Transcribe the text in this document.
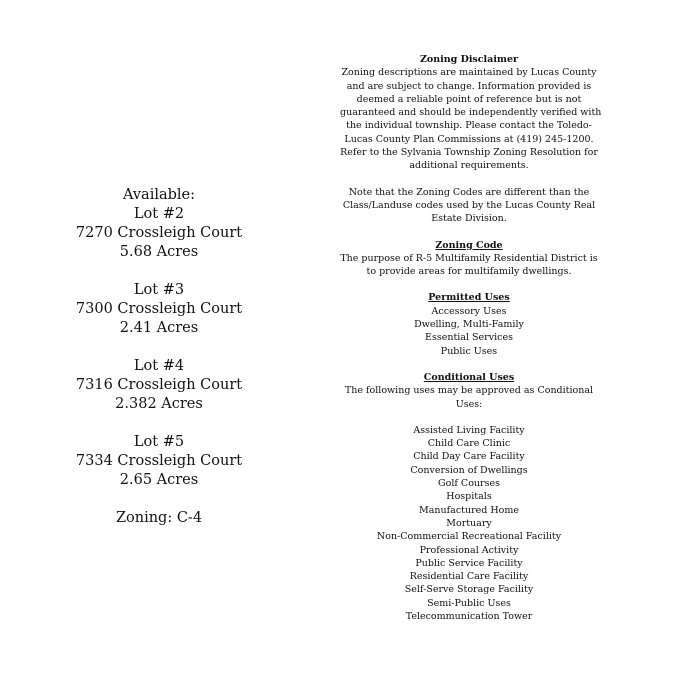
Available:
Lot #2
7270 Crossleigh Court
5.68 Acres
Lot #3
7300 Crossleigh Court
2.41 Acres
Lot #4
7316 Crossleigh Court
2.382 Acres
Lot #5
7334 Crossleigh Court
2.65 Acres
Zoning: C-4
Zoning Disclaimer
Zoning descriptions are maintained by Lucas County
and are subject to change. Information provided is
deemed a reliable point of reference but is not
guaranteed and should be independently verified with
the individual township. Please contact the Toledo-
Lucas County Plan Commissions at (419) 245-1200.
Refer to the Sylvania Township Zoning Resolution for
additional requirements.
Note that the Zoning Codes are different than the
Class/Landuse codes used by the Lucas County Real
Estate Division.
Zoning Code
The purpose of R-5 Multifamily Residential District is
to provide areas for multifamily dwellings.
Permitted Uses
Accessory Uses
Dwelling, Multi-Family
Essential Services
Public Uses
Conditional Uses
The following uses may be approved as Conditional
Uses:
Assisted Living Facility
Child Care Clinic
Child Day Care Facility
Conversion of Dwellings
Golf Courses
Hospitals
Manufactured Home
Mortuary
Non-Commercial Recreational Facility
Professional Activity
Public Service Facility
Residential Care Facility
Self-Serve Storage Facility
Semi-Public Uses
Telecommunication Tower
